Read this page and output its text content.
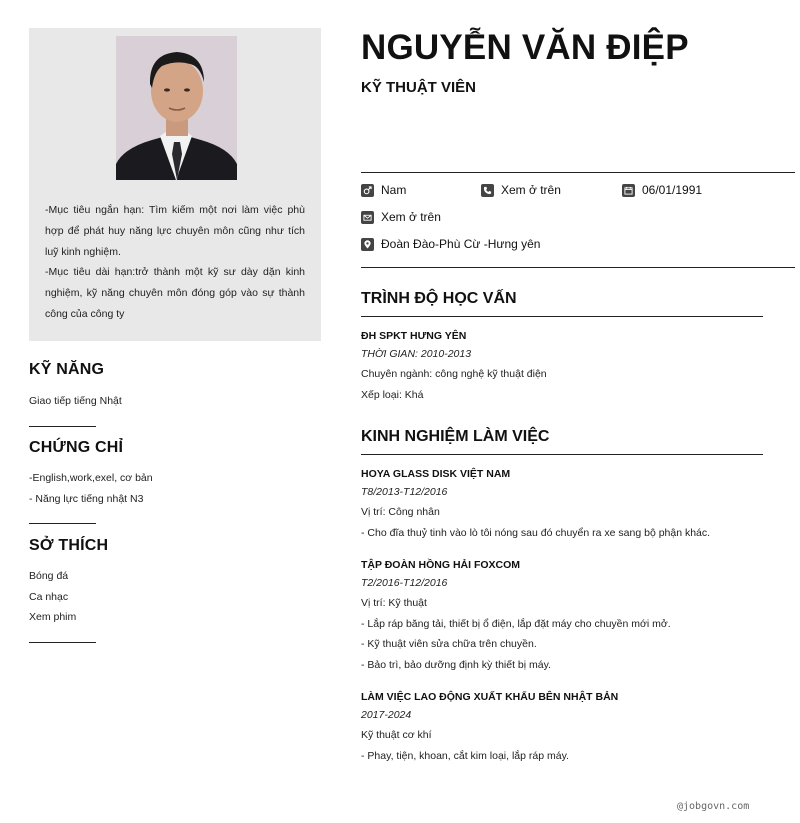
-Mục tiêu ngắn hạn: Tìm kiếm một nơi làm việc phù hợp để phát huy năng lực chuyên môn cũng như tích luỹ kinh nghiệm.

-Mục tiêu dài hạn:trở thành một kỹ sư dày dặn kinh nghiệm, kỹ năng chuyên môn đóng góp vào sự thành công của công ty

KỸ NĂNG
Giao tiếp tiếng Nhật
CHỨNG CHỈ
-English,work,exel, cơ bản
- Năng lực tiếng nhật N3
SỞ THÍCH
Bóng đá
Ca nhạc
Xem phim
NGUYỄN VĂN ĐIỆP
KỸ THUẬT VIÊN
Nam	Xem ở trên	06/01/1991
Xem ở trên
Đoàn Đào-Phù Cừ -Hưng yên
TRÌNH ĐỘ HỌC VẤN
ĐH SPKT HƯNG YÊN
THỜI GIAN: 2010-2013
Chuyên ngành: công nghệ kỹ thuật điện
Xếp loại: Khá
KINH NGHIỆM LÀM VIỆC
HOYA GLASS DISK VIỆT NAM
T8/2013-T12/2016
Vị trí: Công nhân
- Cho đĩa thuỷ tinh vào lò tôi nóng sau đó chuyển ra xe sang bộ phận khác.
TẬP ĐOÀN HỒNG HẢI FOXCOM
T2/2016-T12/2016
Vị trí: Kỹ thuật
- Lắp ráp băng tải, thiết bị ổ điện, lắp đặt máy cho chuyền mới mở.
- Kỹ thuật viên sửa chữa trên chuyền.
- Bảo trì, bảo dưỡng định kỳ thiết bị máy.
LÀM VIỆC LAO ĐỘNG XUẤT KHẨU BÊN NHẬT BẢN
2017-2024
Kỹ thuật cơ khí
- Phay, tiện, khoan, cắt kim loại, lắp ráp máy.
@jobgovn.com
